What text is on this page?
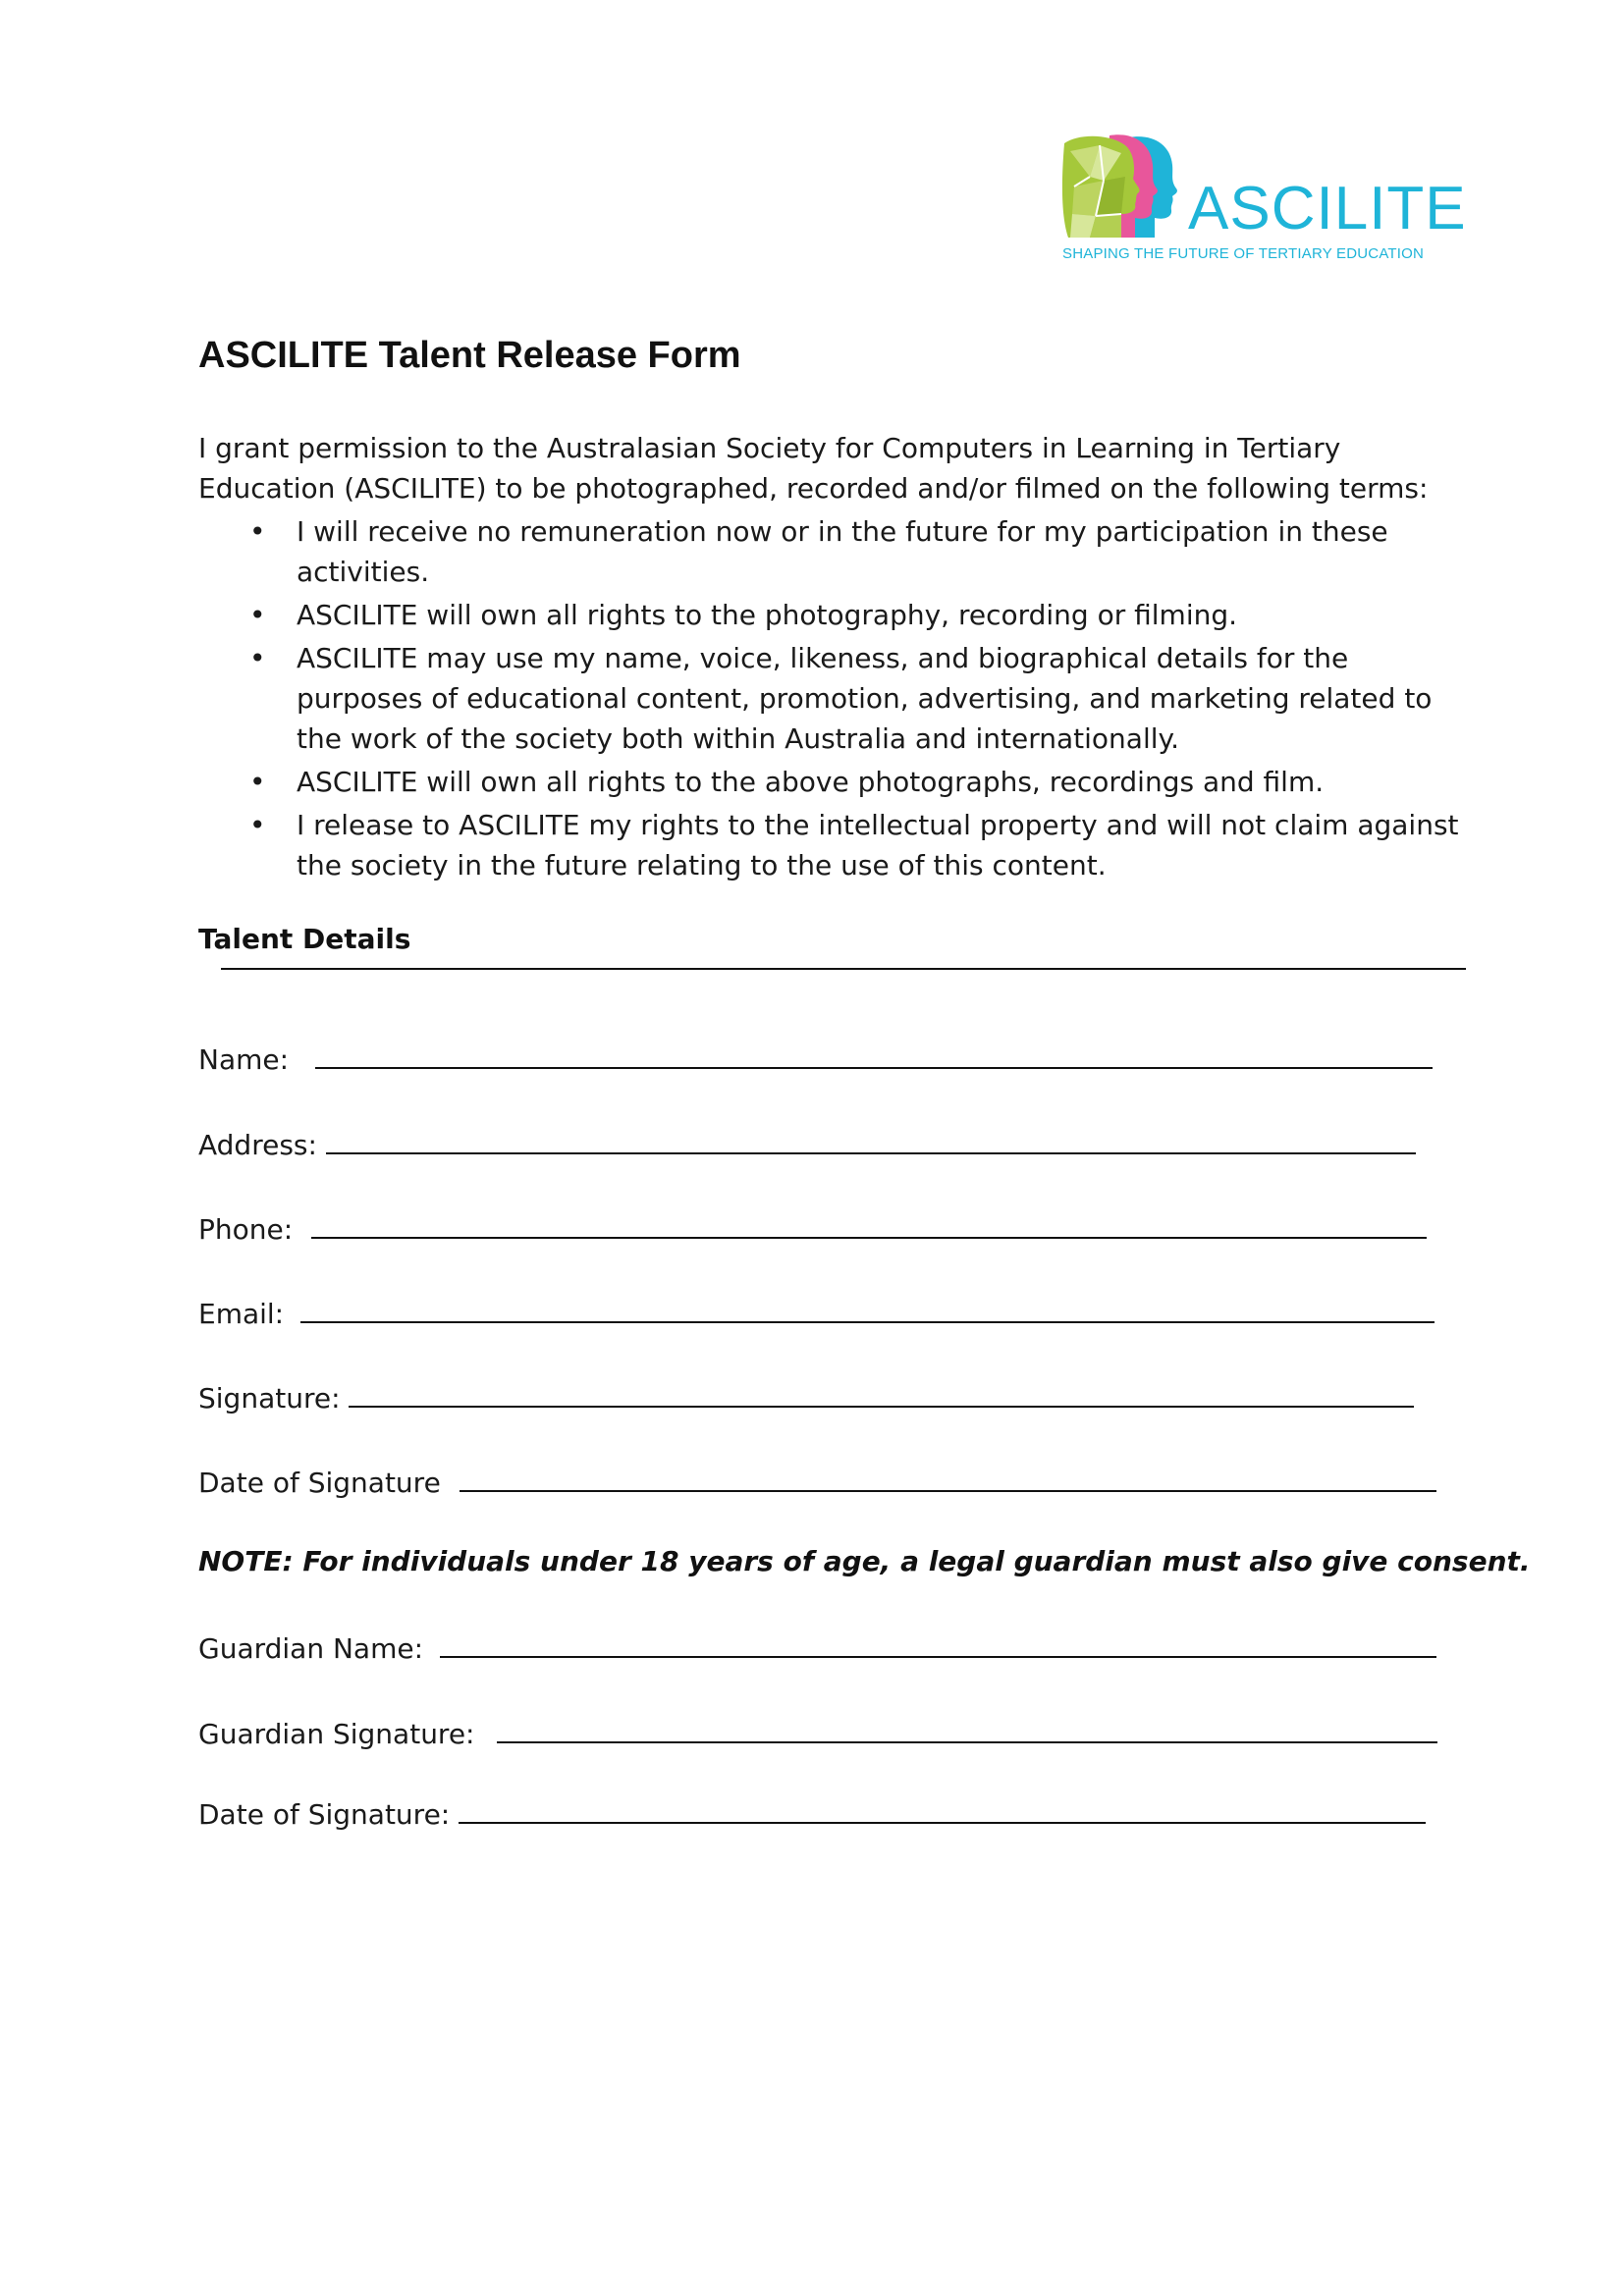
ASCILITE
SHAPING THE FUTURE OF TERTIARY EDUCATION
ASCILITE Talent Release Form

I grant permission to the Australasian Society for Computers in Learning in Tertiary Education (ASCILITE) to be photographed, recorded and/or filmed on the following terms:

• I will receive no remuneration now or in the future for my participation in these activities.
• ASCILITE will own all rights to the photography, recording or filming.
• ASCILITE may use my name, voice, likeness, and biographical details for the purposes of educational content, promotion, advertising, and marketing related to the work of the society both within Australia and internationally.
• ASCILITE will own all rights to the above photographs, recordings and film.
• I release to ASCILITE my rights to the intellectual property and will not claim against the society in the future relating to the use of this content.
Talent Details
Name:
Address:
Phone:
Email:
Signature:
Date of Signature

NOTE: For individuals under 18 years of age, a legal guardian must also give consent.

Guardian Name:
Guardian Signature:
Date of Signature:
